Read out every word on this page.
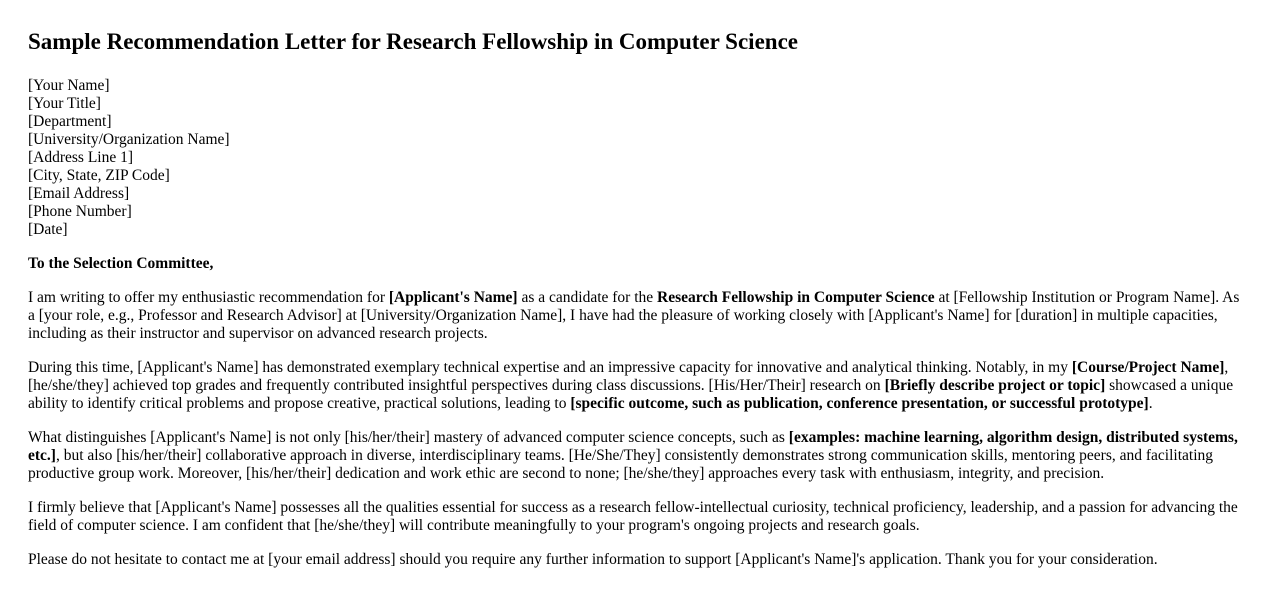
Sample Recommendation Letter for Research Fellowship in Computer Science
[Your Name]
[Your Title]
[Department]
[University/Organization Name]
[Address Line 1]
[City, State, ZIP Code]
[Email Address]
[Phone Number]
[Date]
To the Selection Committee,

I am writing to offer my enthusiastic recommendation for [Applicant's Name] as a candidate for the Research Fellowship in Computer Science at [Fellowship Institution or Program Name]. As a [your role, e.g., Professor and Research Advisor] at [University/Organization Name], I have had the pleasure of working closely with [Applicant's Name] for [duration] in multiple capacities, including as their instructor and supervisor on advanced research projects.

During this time, [Applicant's Name] has demonstrated exemplary technical expertise and an impressive capacity for innovative and analytical thinking. Notably, in my [Course/Project Name], [he/she/they] achieved top grades and frequently contributed insightful perspectives during class discussions. [His/Her/Their] research on [Briefly describe project or topic] showcased a unique ability to identify critical problems and propose creative, practical solutions, leading to [specific outcome, such as publication, conference presentation, or successful prototype].

What distinguishes [Applicant's Name] is not only [his/her/their] mastery of advanced computer science concepts, such as [examples: machine learning, algorithm design, distributed systems, etc.], but also [his/her/their] collaborative approach in diverse, interdisciplinary teams. [He/She/They] consistently demonstrates strong communication skills, mentoring peers, and facilitating productive group work. Moreover, [his/her/their] dedication and work ethic are second to none; [he/she/they] approaches every task with enthusiasm, integrity, and precision.

I firmly believe that [Applicant's Name] possesses all the qualities essential for success as a research fellow-intellectual curiosity, technical proficiency, leadership, and a passion for advancing the field of computer science. I am confident that [he/she/they] will contribute meaningfully to your program's ongoing projects and research goals.

Please do not hesitate to contact me at [your email address] should you require any further information to support [Applicant's Name]'s application. Thank you for your consideration.
